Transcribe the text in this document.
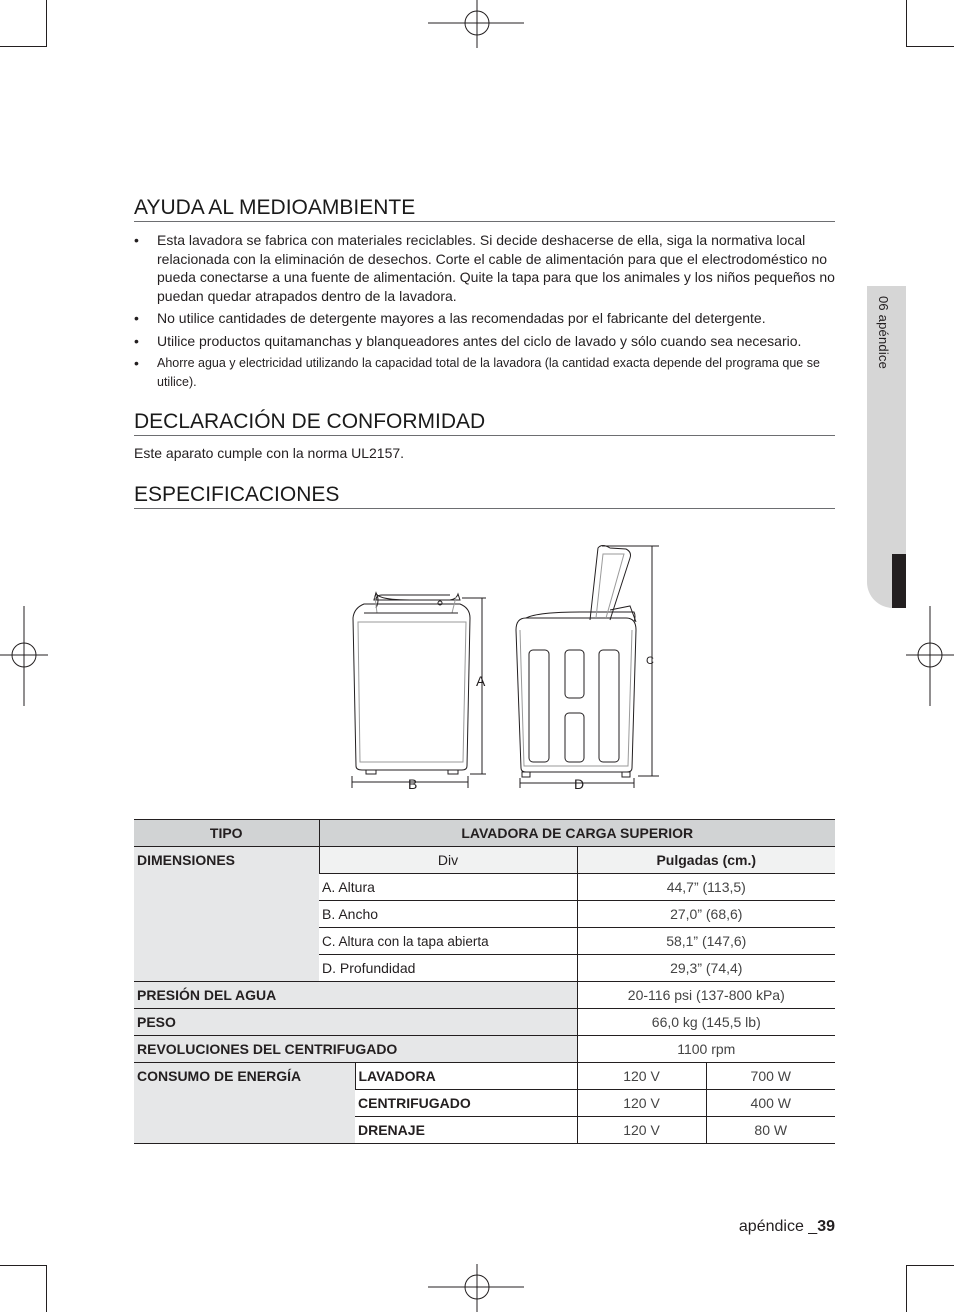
06 apéndice
AYUDA AL MEDIOAMBIENTE
• Esta lavadora se fabrica con materiales reciclables. Si decide deshacerse de ella, siga la normativa local relacionada con la eliminación de desechos. Corte el cable de alimentación para que el electrodoméstico no pueda conectarse a una fuente de alimentación. Quite la tapa para que los animales y los niños pequeños no puedan quedar atrapados dentro de la lavadora.
• No utilice cantidades de detergente mayores a las recomendadas por el fabricante del detergente.
• Utilice productos quitamanchas y blanqueadores antes del ciclo de lavado y sólo cuando sea necesario.
• Ahorre agua y electricidad utilizando la capacidad total de la lavadora (la cantidad exacta depende del programa que se utilice).
DECLARACIÓN DE CONFORMIDAD
Este aparato cumple con la norma UL2157.
ESPECIFICACIONES
A
B
C
D
TIPO	LAVADORA DE CARGA SUPERIOR			
DIMENSIONES	Div		Pulgadas (cm.)	
	A. Altura		44,7” (113,5)	
	B. Ancho		27,0” (68,6)	
	C. Altura con la tapa abierta		58,1” (147,6)	
	D. Profundidad		29,3” (74,4)	
PRESIÓN DEL AGUA			20-116 psi (137-800 kPa)	
PESO			66,0 kg (145,5 lb)	
REVOLUCIONES DEL CENTRIFUGADO			1100 rpm	
CONSUMO DE ENERGÍA		LAVADORA	120 V	700 W
		CENTRIFUGADO	120 V	400 W
		DRENAJE	120 V	80 W
apéndice _39
